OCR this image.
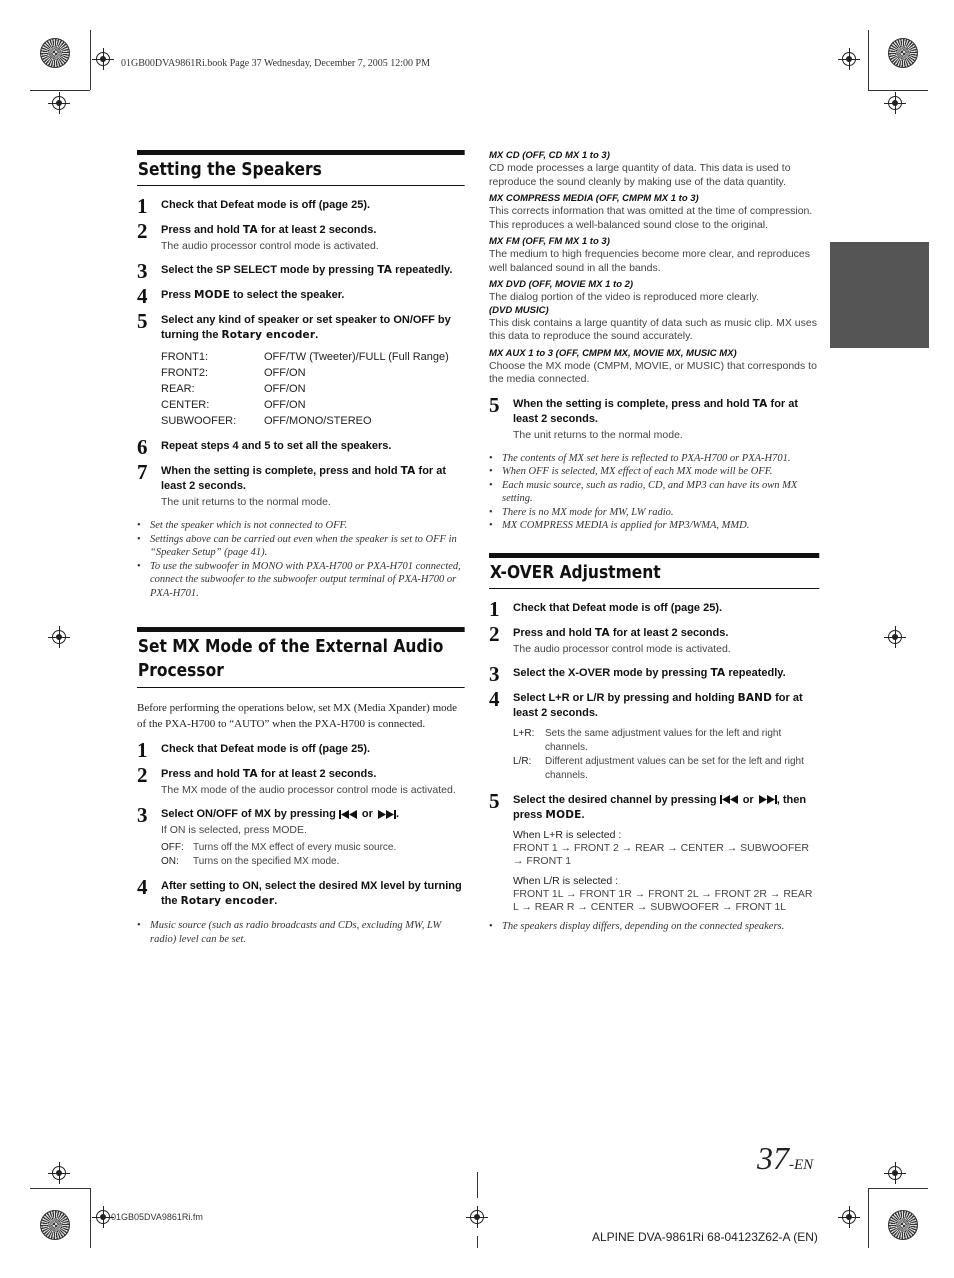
01GB00DVA9861Ri.book Page 37 Wednesday, December 7, 2005 12:00 PM
Setting the Speakers
1 Check that Defeat mode is off (page 25).
2 Press and hold TA for at least 2 seconds.
The audio processor control mode is activated.
3 Select the SP SELECT mode by pressing TA repeatedly.
4 Press MODE to select the speaker.
5 Select any kind of speaker or set speaker to ON/OFF by turning the Rotary encoder.
FRONT1:	OFF/TW (Tweeter)/FULL (Full Range)
FRONT2:	OFF/ON
REAR:	OFF/ON
CENTER:	OFF/ON
SUBWOOFER:	OFF/MONO/STEREO
6 Repeat steps 4 and 5 to set all the speakers.
7 When the setting is complete, press and hold TA for at least 2 seconds.
The unit returns to the normal mode.
• Set the speaker which is not connected to OFF.
• Settings above can be carried out even when the speaker is set to OFF in “Speaker Setup” (page 41).
• To use the subwoofer in MONO with PXA-H700 or PXA-H701 connected, connect the subwoofer to the subwoofer output terminal of PXA-H700 or PXA-H701.
Set MX Mode of the External Audio Processor

Before performing the operations below, set MX (Media Xpander) mode of the PXA-H700 to “AUTO” when the PXA-H700 is connected.

1 Check that Defeat mode is off (page 25).
2 Press and hold TA for at least 2 seconds.
The MX mode of the audio processor control mode is activated.
3 Select ON/OFF of MX by pressing  or .
If ON is selected, press MODE.
OFF: Turns off the MX effect of every music source.
ON:	Turns on the specified MX mode.
4 After setting to ON, select the desired MX level by turning the Rotary encoder.
• Music source (such as radio broadcasts and CDs, excluding MW, LW radio) level can be set.
MX CD (OFF, CD MX 1 to 3)
CD mode processes a large quantity of data. This data is used to reproduce the sound cleanly by making use of the data quantity.
MX COMPRESS MEDIA (OFF, CMPM MX 1 to 3)
This corrects information that was omitted at the time of compression. This reproduces a well-balanced sound close to the original.
MX FM (OFF, FM MX 1 to 3)
The medium to high frequencies become more clear, and reproduces well balanced sound in all the bands.
MX DVD (OFF, MOVIE MX 1 to 2)
The dialog portion of the video is reproduced more clearly.
(DVD MUSIC)
This disk contains a large quantity of data such as music clip. MX uses this data to reproduce the sound accurately.
MX AUX 1 to 3 (OFF, CMPM MX, MOVIE MX, MUSIC MX)
Choose the MX mode (CMPM, MOVIE, or MUSIC) that corresponds to the media connected.
5 When the setting is complete, press and hold TA for at least 2 seconds.
The unit returns to the normal mode.
• The contents of MX set here is reflected to PXA-H700 or PXA-H701.
• When OFF is selected, MX effect of each MX mode will be OFF.
• Each music source, such as radio, CD, and MP3 can have its own MX setting.
• There is no MX mode for MW, LW radio.
• MX COMPRESS MEDIA is applied for MP3/WMA, MMD.
X-OVER Adjustment
1 Check that Defeat mode is off (page 25).
2 Press and hold TA for at least 2 seconds.
The audio processor control mode is activated.
3 Select the X-OVER mode by pressing TA repeatedly.
4 Select L+R or L/R by pressing and holding BAND for at least 2 seconds.
L+R:	Sets the same adjustment values for the left and right channels.
L/R:	Different adjustment values can be set for the left and right channels.
5 Select the desired channel by pressing  or , then press MODE.
When L+R is selected :
FRONT 1 → FRONT 2 → REAR → CENTER → SUBWOOFER → FRONT 1
When L/R is selected :
FRONT 1L → FRONT 1R → FRONT 2L → FRONT 2R → REAR L → REAR R → CENTER → SUBWOOFER → FRONT 1L
• The speakers display differs, depending on the connected speakers.
37-EN
01GB05DVA9861Ri.fm
ALPINE DVA-9861Ri 68-04123Z62-A (EN)
